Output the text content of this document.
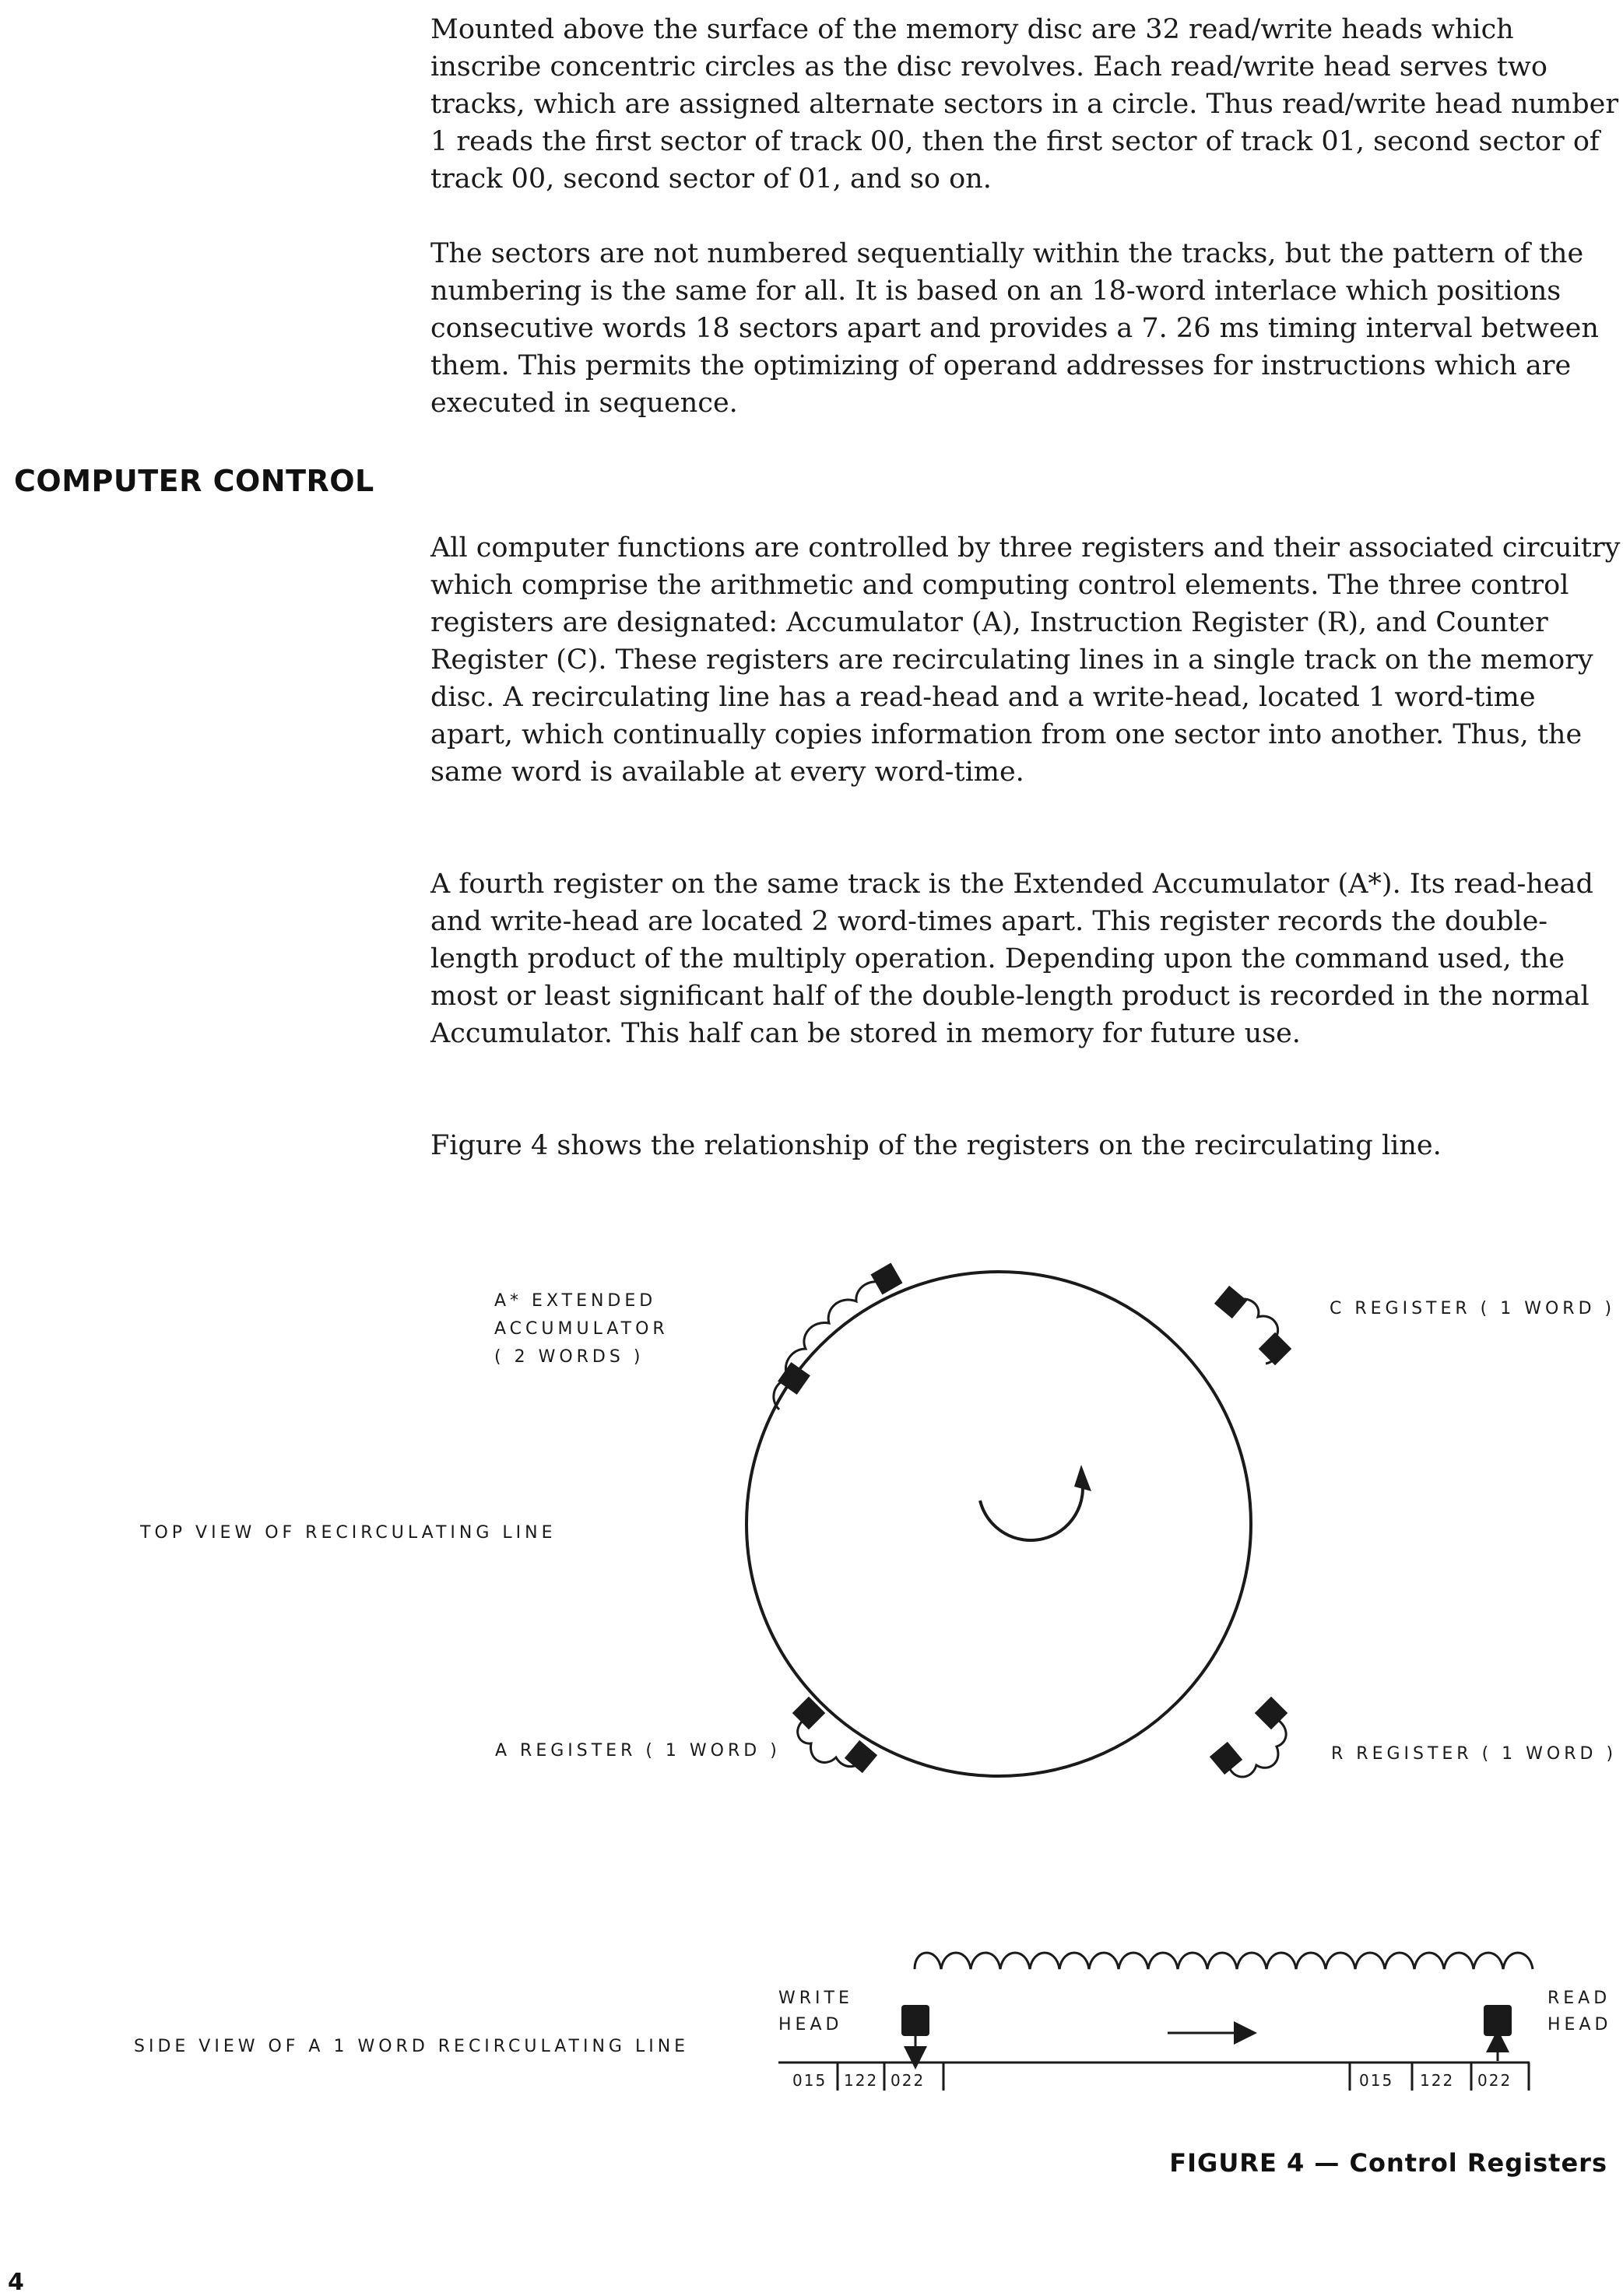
Mounted above the surface of the memory disc are 32 read/write heads which inscribe concentric circles as the disc revolves. Each read/write head serves two tracks, which are assigned alternate sectors in a circle. Thus read/write head number 1 reads the first sector of track 00, then the first sector of track 01, second sector of track 00, second sector of 01, and so on.

The sectors are not numbered sequentially within the tracks, but the pattern of the numbering is the same for all. It is based on an 18-word interlace which positions consecutive words 18 sectors apart and provides a 7. 26 ms timing interval between them. This permits the optimizing of operand addresses for instructions which are executed in sequence.

COMPUTER CONTROL

All computer functions are controlled by three registers and their associated circuitry which comprise the arithmetic and computing control elements. The three control registers are designated: Accumulator (A), Instruction Register (R), and Counter Register (C). These registers are recirculating lines in a single track on the memory disc. A recirculating line has a read-head and a write-head, located 1 word-time apart, which continually copies information from one sector into another. Thus, the same word is available at every word-time.

A fourth register on the same track is the Extended Accumulator (A*). Its read-head and write-head are located 2 word-times apart. This register records the double-length product of the multiply operation. Depending upon the command used, the most or least significant half of the double-length product is recorded in the normal Accumulator. This half can be stored in memory for future use.

Figure 4 shows the relationship of the registers on the recirculating line.

015 122 022	015 122 022
A* EXTENDED
ACCUMULATOR
( 2 WORDS )
C REGISTER ( 1 WORD )
TOP VIEW OF RECIRCULATING LINE
A REGISTER ( 1 WORD )	R REGISTER ( 1 WORD )
WRITE
HEAD
READ
HEAD
SIDE VIEW OF A 1 WORD RECIRCULATING LINE
FIGURE 4 — Control Registers
4
